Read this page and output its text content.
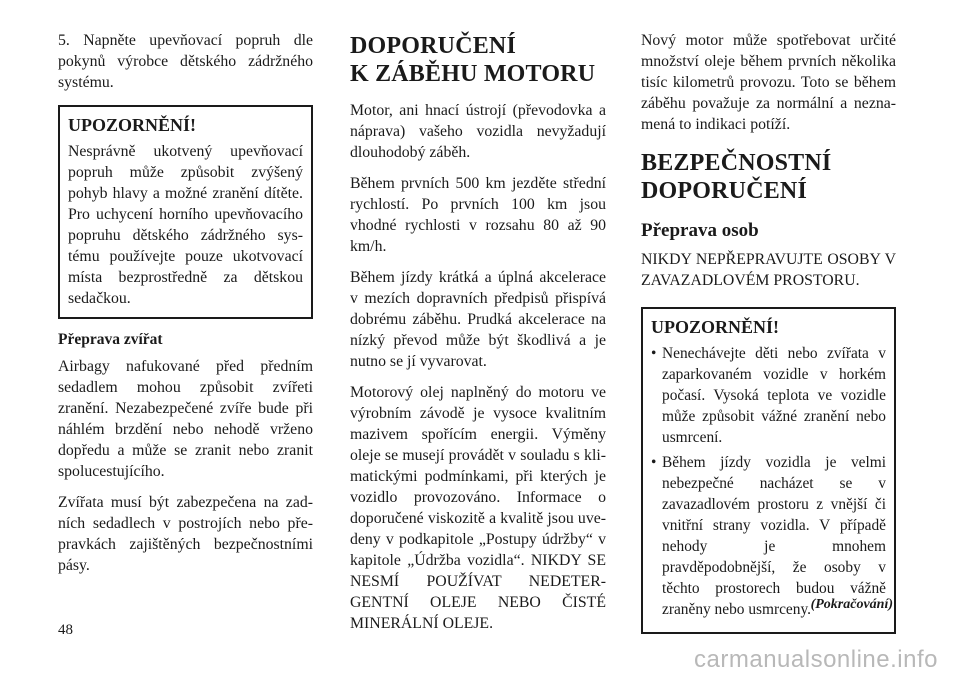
5. Napněte upevňovací popruh dle pokynů výrobce dětského zádržného systému.

UPOZORNĚNÍ!

Nesprávně ukotvený upevňovací popruh může způsobit zvýšený pohyb hlavy a možné zranění dítěte. Pro uchycení horního upevňovacího popruhu dětského zádržného systému používejte pouze ukotvovací místa bezprostředně za dětskou sedačkou.

Přeprava zvířat

Airbagy nafukované před předním sedadlem mohou způsobit zvířeti zranění. Nezabezpečené zvíře bude při náhlém brzdění nebo nehodě vrženo dopředu a může se zranit nebo zranit spolucestujícího.

Zvířata musí být zabezpečena na zadních sedadlech v postrojích nebo přepravkách zajištěných bezpečnostními pásy.

DOPORUČENÍ
K ZÁBĚHU MOTORU

Motor, ani hnací ústrojí (převodovka a náprava) vašeho vozidla nevyžadují dlouhodobý záběh.

Během prvních 500 km jezděte střední rychlostí. Po prvních 100 km jsou vhodné rychlosti v rozsahu 80 až 90 km/h.

Během jízdy krátká a úplná akcelerace v mezích dopravních předpisů přispívá dobrému záběhu. Prudká akcelerace na nízký převod může být škodlivá a je nutno se jí vyvarovat.

Motorový olej naplněný do motoru ve výrobním závodě je vysoce kvalitním mazivem spořícím energii. Výměny oleje se musejí provádět v souladu s klimatickými podmínkami, při kterých je vozidlo provozováno. Informace o doporučené viskozitě a kvalitě jsou uvedeny v podkapitole „Postupy údržby“ v kapitole „Údržba vozidla“. NIKDY SE NESMÍ POUŽÍVAT NEDETERGENTNÍ OLEJE NEBO ČISTÉ MINERÁLNÍ OLEJE.

Nový motor může spotřebovat určité množství oleje během prvních několika tisíc kilometrů provozu. Toto se během záběhu považuje za normální a neznamená to indikaci potíží.

BEZPEČNOSTNÍ
DOPORUČENÍ
Přeprava osob

NIKDY NEPŘEPRAVUJTE OSOBY V ZAVAZADLOVÉM PROSTORU.

UPOZORNĚNÍ!
• Nenechávejte děti nebo zvířata v zaparkovaném vozidle v horkém počasí. Vysoká teplota ve vozidle může způsobit vážné zranění nebo usmrcení.
• Během jízdy vozidla je velmi nebezpečné nacházet se v zavazadlovém prostoru z vnější či vnitřní strany vozidla. V případě nehody je mnohem pravděpodobnější, že osoby v těchto prostorech budou vážně zraněny nebo usmrceny. (Pokračování)
48
carmanualsonline.info
